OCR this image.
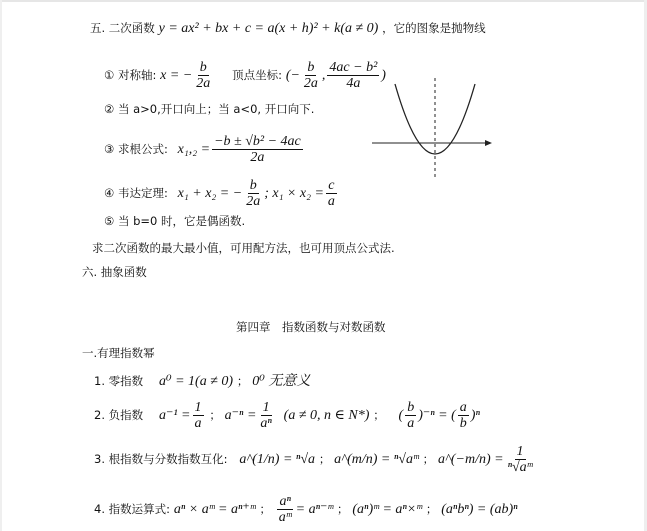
五. 二次函数 y = ax² + bx + c = a(x + h)² + k(a ≠ 0) ，它的图象是抛物线
① 对称轴: x = − $\frac{b}{2a}$ 顶点坐标: (− $\frac{b}{2a}$ , $\frac{\text{4ac − b²}}{4a}$ )
② 当 a>0,开口向上；当 a<0, 开口向下.
③ 求根公式: $x_1,_2 = \frac{\text{−b ± √b² − 4ac}}{2a}$
④ 韦达定理: x₁ + x₂ = − $\frac{b}{2a}$ ; $x_1 \times x_2 = \frac{c}{a}$
⑤ 当 b=0 时，它是偶函数.
求二次函数的最大最小值，可用配方法，也可用顶点公式法.
六. 抽象函数
第四章　指数函数与对数函数
一.有理指数幂
1. 零指数 a⁰ = 1(a ≠ 0) ； 0⁰ 无意义
2. 负指数 $a^{-1} = \frac{1}{a}$ ； $a^{-n} = \frac{1}{\text{aⁿ}} (a \ne 0$, n ∈ N*) ； ( $\frac{b}{a} )^{-n}$ = ( $\frac{a}{b} )^n$
3. 根指数与分数指数互化: a^(1/n) = ⁿ√a ； a^(m/n) = ⁿ√aᵐ ； a^(−m/n) = $\frac{1}{\text{ⁿ√aᵐ}}$
4. 指数运算式: aⁿ × aᵐ = aⁿ⁺ᵐ ； $\frac{\text{aⁿ}}{\text{aᵐ}}$ = aⁿ⁻ᵐ ； (aⁿ)ᵐ = aⁿ×ᵐ ； (aⁿbⁿ) = (ab)ⁿ
